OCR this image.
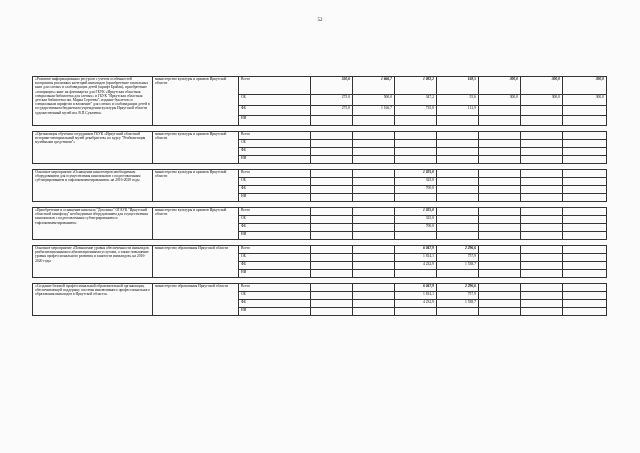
52
«Развитие информационных ресурсов с учетом особенностей восприятия различных категорий инвалидов (приобретение тактильных книг для слепых и слабовидящих детей (шрифт Брайля), приобретение «говорящих» книг на флешкартах для ГБУК «Иркутская областная специальная библиотека для слепых» и ГБУК "Иркутская областная детская библиотека им. Марка Сергеева", издание буклетов со специальным шрифтом и вложение" для слепых и слабовидящих детей в государственном бюджетном учреждении культуры Иркутской области художественный музей им. В.П.Сукачева»	министерство культуры и архивов Иркутской области	Всего	550,6	1 666,7	1 082,2	168,5	300,0	300,0	300,0
		ОБ	275,0	500,0	347,2	55,6	300,0	300,0	300,0
		ФБ	275,0	1 166,7	735,0	112,9			
		НИ							

«Организация обучения сотрудников ГБУК «Иркутский областной историко-мемориальный музей декабристов» по курсу "Реабилитация музейными средствами"»	министерство культуры и архивов Иркутской области	Всего							
		ОБ							
		ФБ							
		НИ							

Основное мероприятие «Оснащение кинотеатров необходимым оборудованием для осуществления кинопоказов с подготовленным субтитрированием и тифлокомментированием» на 2016-2020 годы	министерство культуры и архивов Иркутской области	Всего			1 025,0				
		ОБ			325,0				
		ФБ			700,0				
		НИ							

«Приобретение и оснащение кинозала "Дом кино" ОГАУК "Иркутский областной кинофонд" необходимым оборудованием для осуществления кинопоказов с подготовленным субтитрированием и тифлокомментированием»	министерство культуры и архивов Иркутской области	Всего			1 025,0				
		ОБ			325,0				
		ФБ			700,0				
		НИ							

Основное мероприятие «Повышение уровня обеспеченности инвалидов реабилитационными и абилитационными услугами, а также повышение уровня профессионального развития и занятости инвалидов» на 2016-2020 годы	министерство образования Иркутской области	Всего			6 047,9	2 296,6			
		ОБ			1 814,1	757,9			
		ФБ			4 232,9	1 538,7			
		НИ							

«Создание базовой профессиональной образовательной организации, обеспечивающей поддержку системы инклюзивного профессионального образования инвалидов в Иркутской области»	министерство образования Иркутской области	Всего			6 047,9	2 296,6			
		ОБ			1 814,1	757,9			
		ФБ			4 232,9	1 538,7			
		НИ							
